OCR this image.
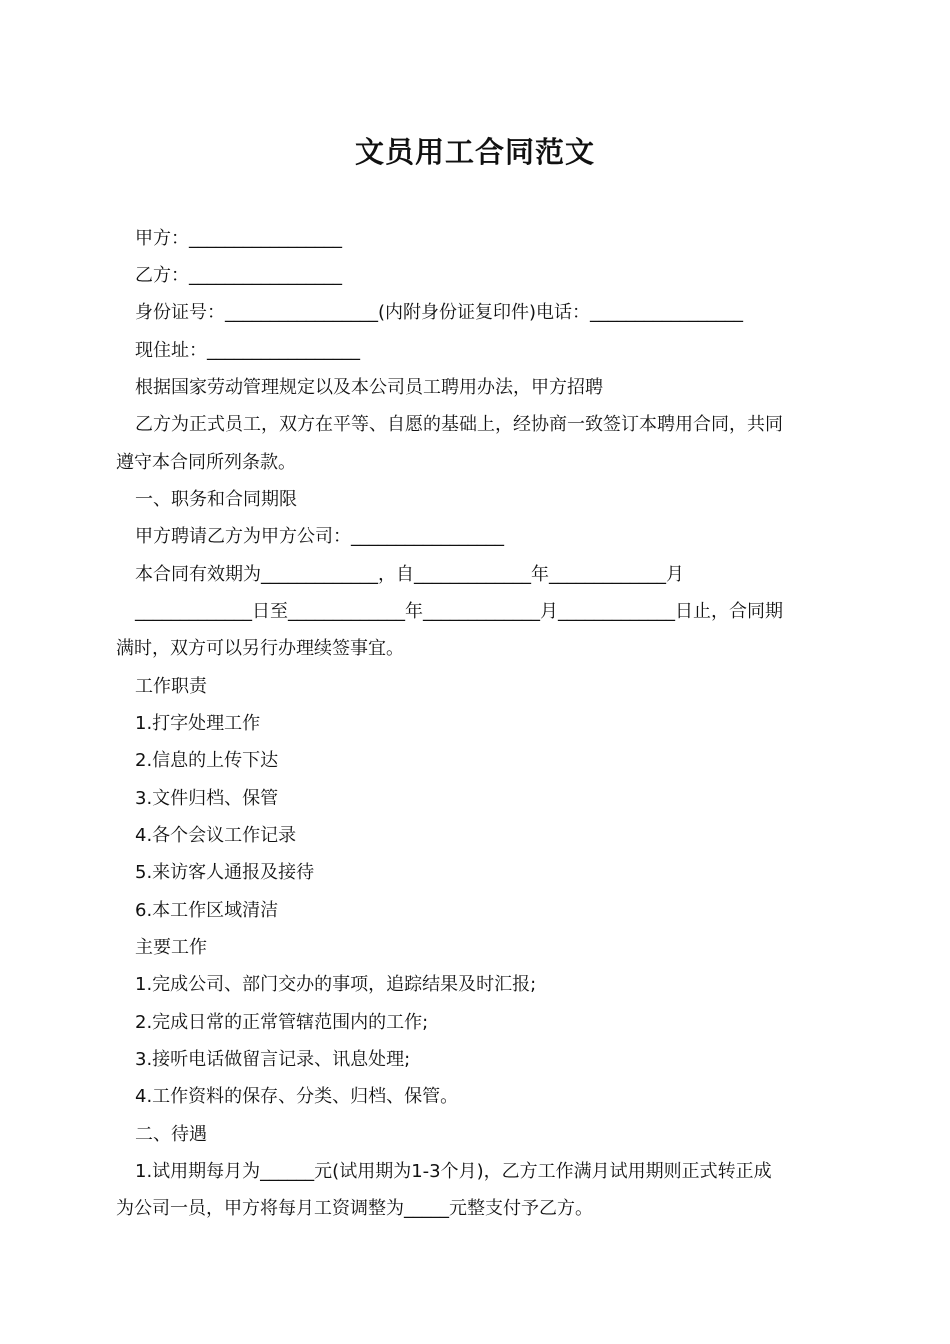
文员用工合同范文
甲方：_________________
乙方：_________________
身份证号：_________________(内附身份证复印件)电话：_________________
现住址：_________________
根据国家劳动管理规定以及本公司员工聘用办法，甲方招聘
乙方为正式员工，双方在平等、自愿的基础上，经协商一致签订本聘用合同，共同
遵守本合同所列条款。
一、职务和合同期限
甲方聘请乙方为甲方公司：_________________
本合同有效期为_____________，自_____________年_____________月
_____________日至_____________年_____________月_____________日止，合同期
满时，双方可以另行办理续签事宜。
工作职责
1.打字处理工作
2.信息的上传下达
3.文件归档、保管
4.各个会议工作记录
5.来访客人通报及接待
6.本工作区域清洁
主要工作
1.完成公司、部门交办的事项，追踪结果及时汇报;
2.完成日常的正常管辖范围内的工作;
3.接听电话做留言记录、讯息处理;
4.工作资料的保存、分类、归档、保管。
二、待遇
1.试用期每月为______元(试用期为1-3个月)，乙方工作满月试用期则正式转正成
为公司一员，甲方将每月工资调整为_____元整支付予乙方。
